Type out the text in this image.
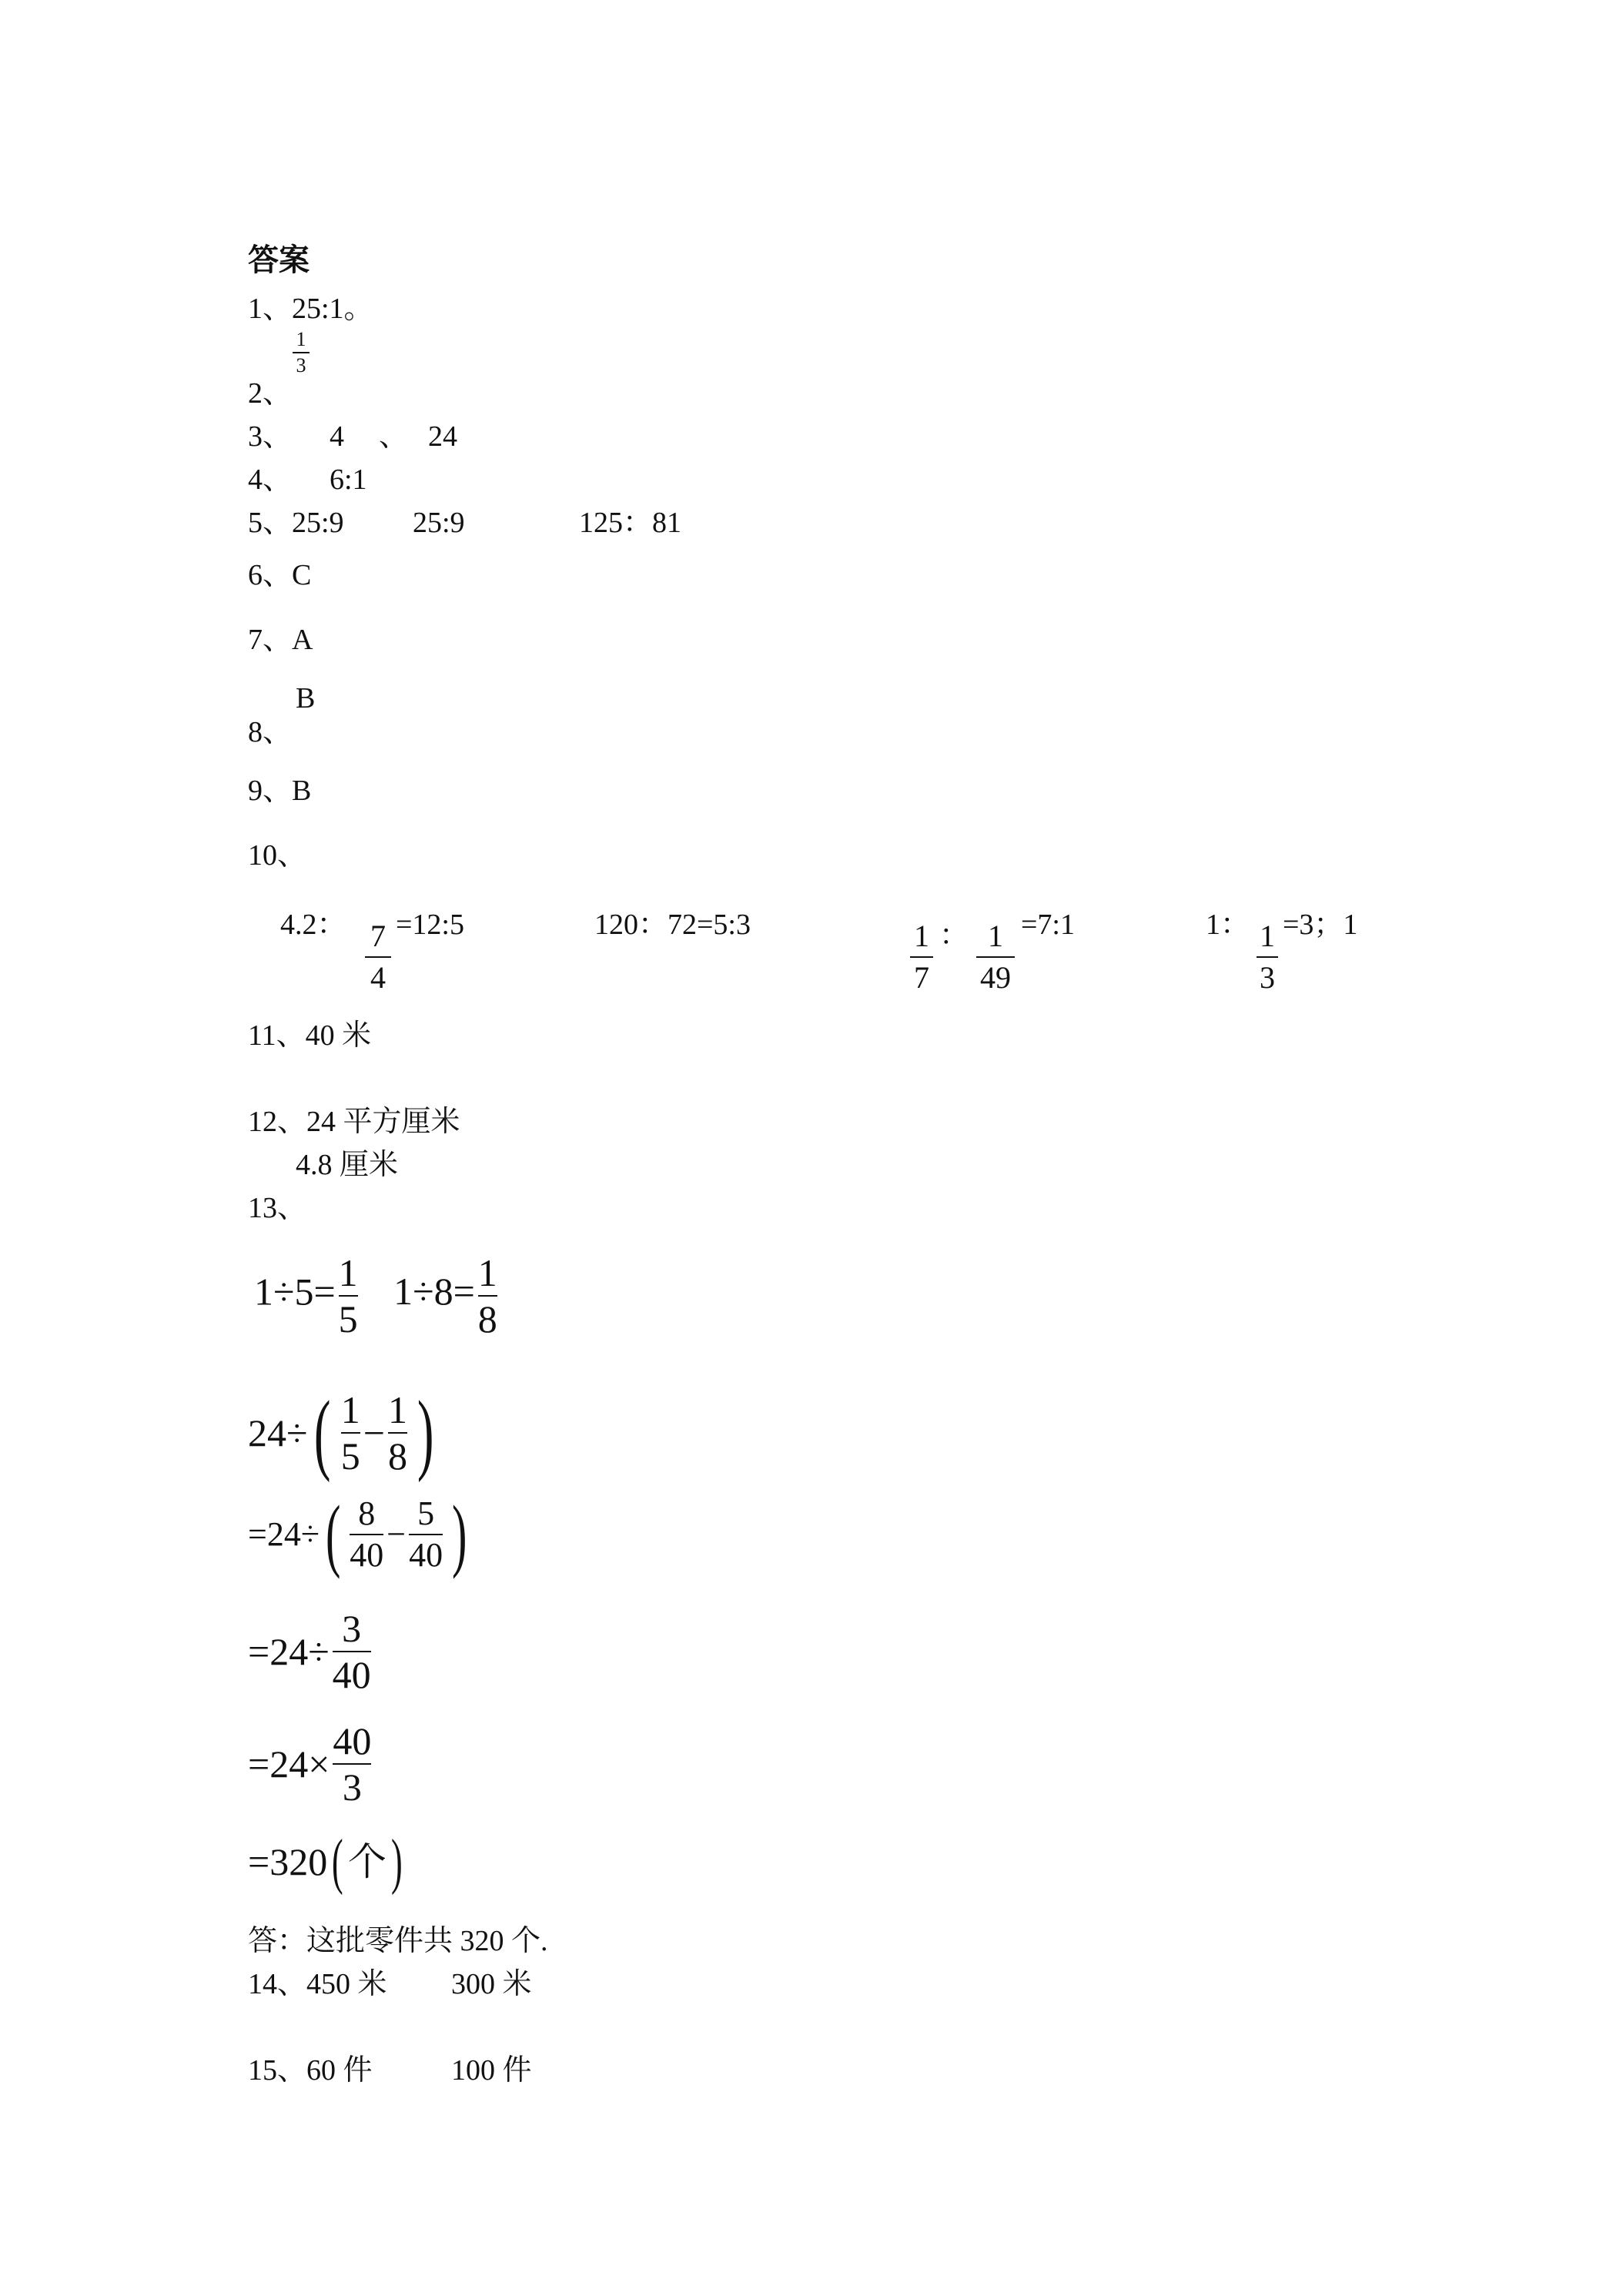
答案
1、25:1。
1
3
2、
3、 4 、 24
4、 6:1
5、25:9 25:9	125：81
6、C
7、A
B
8、
9、B
10、
4.2： 7
4
=12:5	120：72=5:3	1
7
： 1
49
=7:1	1： 1
3
=3；1
11、40 米
12、24 平方厘米
4.8 厘米
13、
$1\div 5= \frac{1}{5} 1\div 8= \frac{1}{8}$
$24\div( \frac{1}{5} - \frac{1}{8}$ )
$=24\div( \frac{8}{40} - \frac{5}{40}$ )
$=24\div \frac{3}{40}$
$=24\times \frac{40}{3}$
=320( 个)
答：这批零件共 320 个.
14、450 米 300 米
15、60 件	100 件
